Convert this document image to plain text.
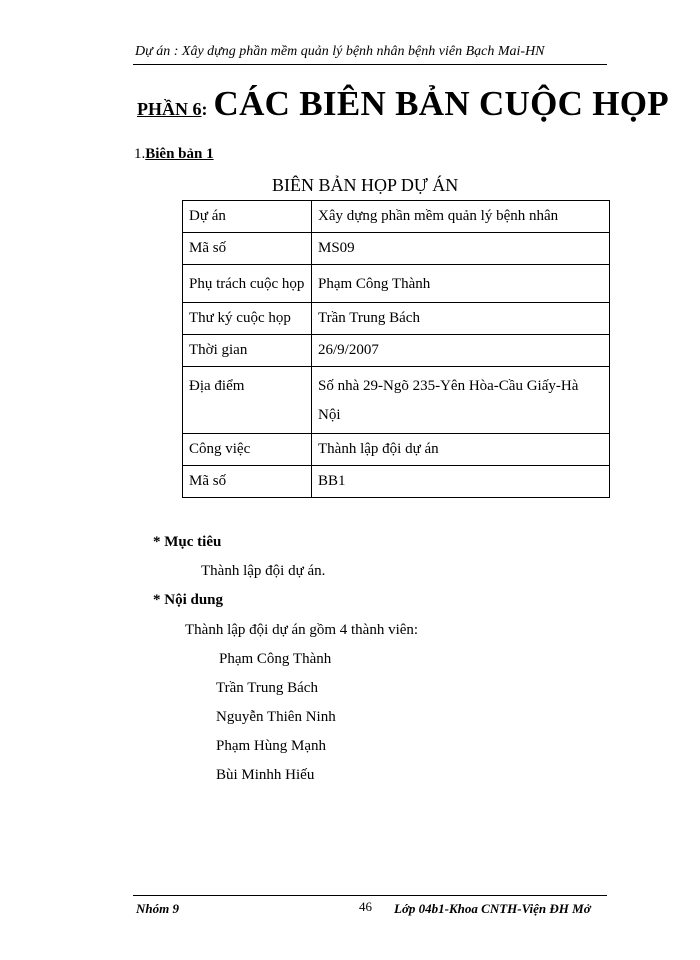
Dự án : Xây dựng phần mềm quản lý bệnh nhân bệnh viên Bạch Mai-HN
PHẦN 6: CÁC BIÊN BẢN CUỘC HỌP
1.Biên bản 1
BIÊN BẢN HỌP DỰ ÁN
Dự án	Xây dựng phần mềm quản lý bệnh nhân
Mã số	MS09
Phụ trách cuộc họp	Phạm Công Thành
Thư ký cuộc họp	Trần Trung Bách
Thời gian	26/9/2007
Địa điểm	Số nhà 29-Ngõ 235-Yên Hòa-Cầu Giấy-Hà Nội
Công việc	Thành lập đội dự án
Mã số	BB1
* Mục tiêu
Thành lập đội dự án.
* Nội dung
Thành lập đội dự án gồm 4 thành viên:
Phạm Công Thành
Trần Trung Bách
Nguyễn Thiên Ninh
Phạm Hùng Mạnh
Bùi Minhh Hiếu
Nhóm 9	46 Lớp 04b1-Khoa CNTH-Viện ĐH Mở
